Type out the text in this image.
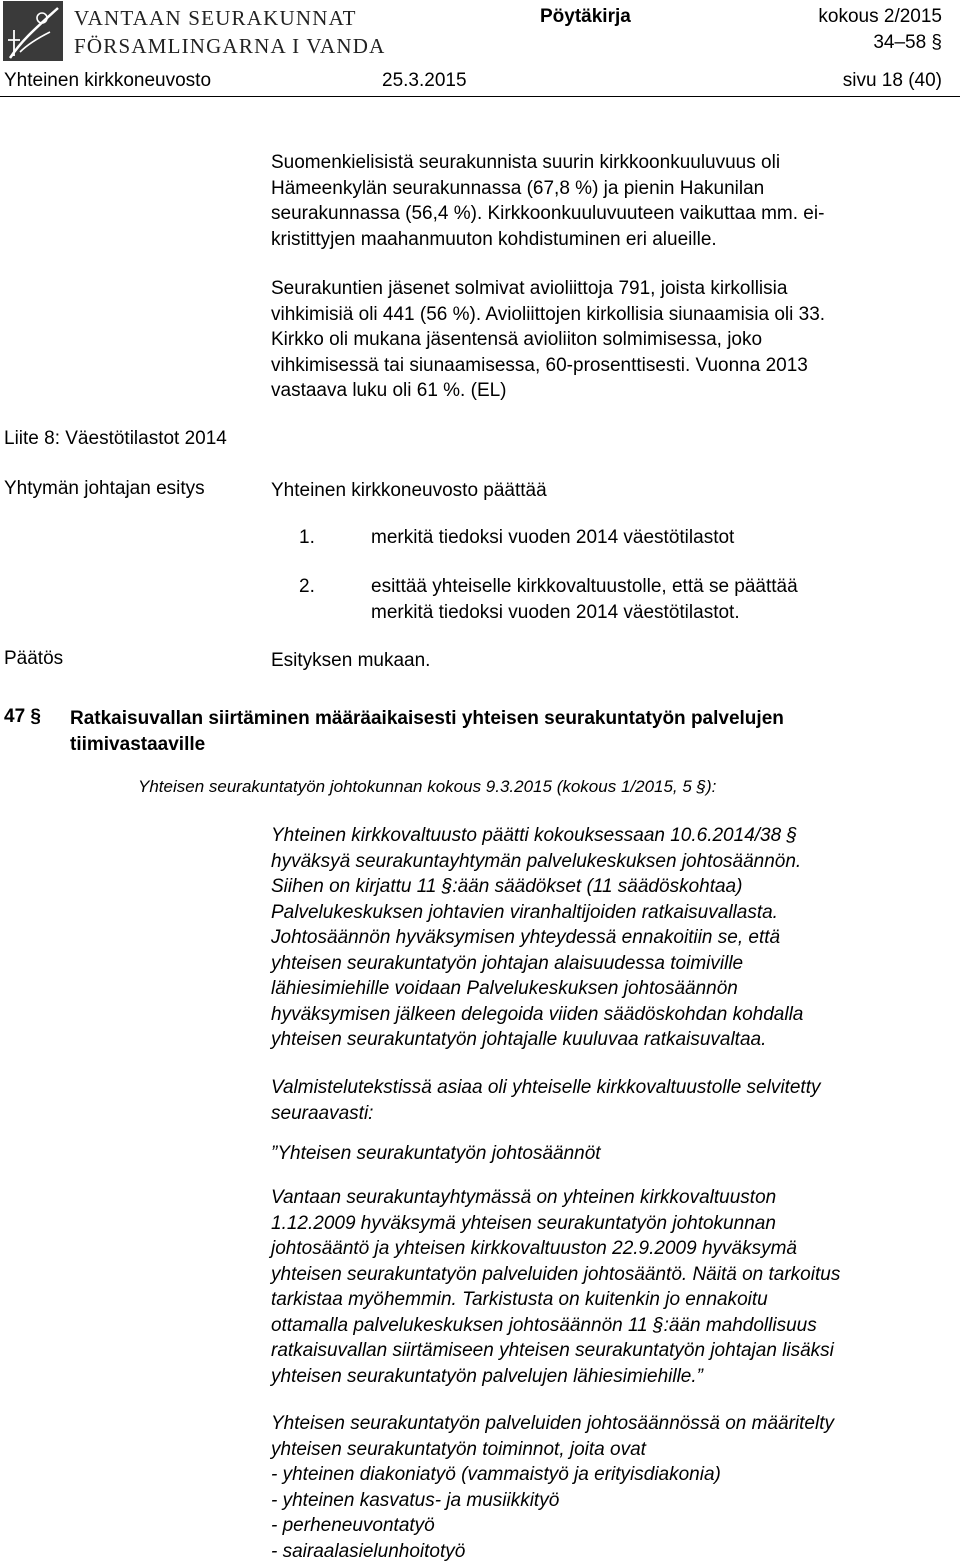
VANTAAN SEURAKUNNAT
FÖRSAMLINGARNA I VANDA
Pöytäkirja	kokous 2/2015
34–58 §
Yhteinen kirkkoneuvosto	25.3.2015	sivu 18 (40)
Suomenkielisistä seurakunnista suurin kirkkoonkuuluvuus oli
Hämeenkylän seurakunnassa (67,8 %) ja pienin Hakunilan
seurakunnassa (56,4 %). Kirkkoonkuuluvuuteen vaikuttaa mm. ei-
kristittyjen maahanmuuton kohdistuminen eri alueille.
Seurakuntien jäsenet solmivat avioliittoja 791, joista kirkollisia
vihkimisiä oli 441 (56 %). Avioliittojen kirkollisia siunaamisia oli 33.
Kirkko oli mukana jäsentensä avioliiton solmimisessa, joko
vihkimisessä tai siunaamisessa, 60-prosenttisesti. Vuonna 2013
vastaava luku oli 61 %. (EL)
Liite 8: Väestötilastot 2014
Yhtymän johtajan esitys	Yhteinen kirkkoneuvosto päättää
1.	merkitä tiedoksi vuoden 2014 väestötilastot
2.	esittää yhteiselle kirkkovaltuustolle, että se päättää
merkitä tiedoksi vuoden 2014 väestötilastot.
Päätös	Esityksen mukaan.
47 § Ratkaisuvallan siirtäminen määräaikaisesti yhteisen seurakuntatyön palvelujen
tiimivastaaville
Yhteisen seurakuntatyön johtokunnan kokous 9.3.2015 (kokous 1/2015, 5 §):
Yhteinen kirkkovaltuusto päätti kokouksessaan 10.6.2014/38 §
hyväksyä seurakuntayhtymän palvelukeskuksen johtosäännön.
Siihen on kirjattu 11 §:ään säädökset (11 säädöskohtaa)
Palvelukeskuksen johtavien viranhaltijoiden ratkaisuvallasta.
Johtosäännön hyväksymisen yhteydessä ennakoitiin se, että
yhteisen seurakuntatyön johtajan alaisuudessa toimiville
lähiesimiehille voidaan Palvelukeskuksen johtosäännön
hyväksymisen jälkeen delegoida viiden säädöskohdan kohdalla
yhteisen seurakuntatyön johtajalle kuuluvaa ratkaisuvaltaa.
Valmistelutekstissä asiaa oli yhteiselle kirkkovaltuustolle selvitetty
seuraavasti:
”Yhteisen seurakuntatyön johtosäännöt
Vantaan seurakuntayhtymässä on yhteinen kirkkovaltuuston
1.12.2009 hyväksymä yhteisen seurakuntatyön johtokunnan
johtosääntö ja yhteisen kirkkovaltuuston 22.9.2009 hyväksymä
yhteisen seurakuntatyön palveluiden johtosääntö. Näitä on tarkoitus
tarkistaa myöhemmin. Tarkistusta on kuitenkin jo ennakoitu
ottamalla palvelukeskuksen johtosäännön 11 §:ään mahdollisuus
ratkaisuvallan siirtämiseen yhteisen seurakuntatyön johtajan lisäksi
yhteisen seurakuntatyön palvelujen lähiesimiehille.”
Yhteisen seurakuntatyön palveluiden johtosäännössä on määritelty
yhteisen seurakuntatyön toiminnot, joita ovat
- yhteinen diakoniatyö (vammaistyö ja erityisdiakonia)
- yhteinen kasvatus- ja musiikkityö
- perheneuvontatyö
- sairaalasielunhoitotyö
